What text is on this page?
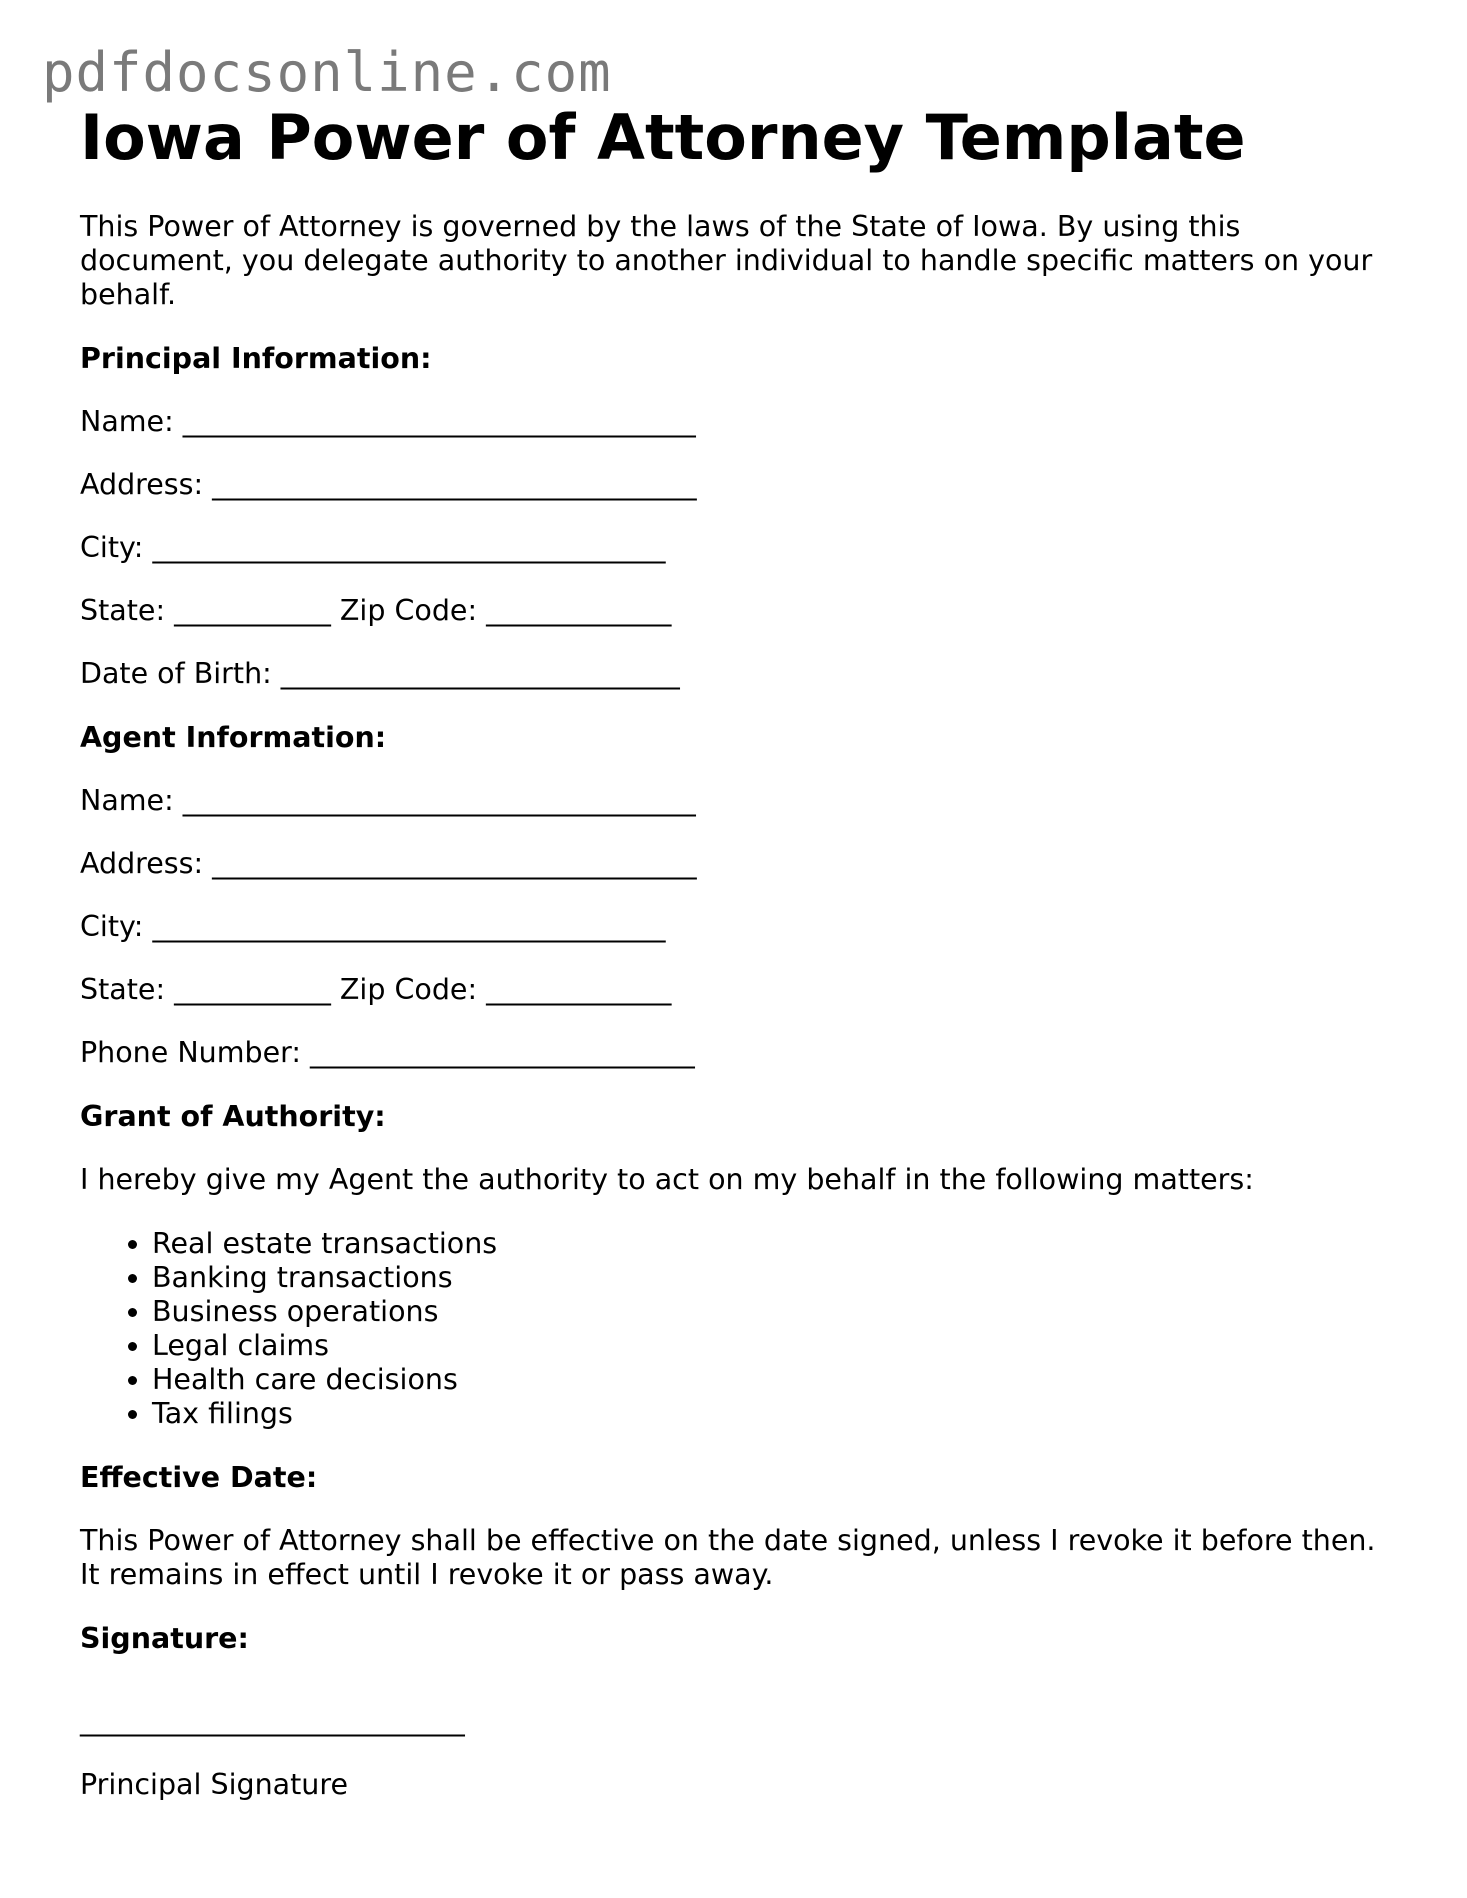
pdfdocsonline.com
Iowa Power of Attorney Template

This Power of Attorney is governed by the laws of the State of Iowa. By using this document, you delegate authority to another individual to handle specific matters on your behalf.

Principal Information:
Name: ____________________________________
Address: __________________________________
City: ____________________________________
State: ___________ Zip Code: _____________
Date of Birth: ____________________________
Agent Information:
Name: ____________________________________
Address: __________________________________
City: ____________________________________
State: ___________ Zip Code: _____________
Phone Number: ___________________________
Grant of Authority:

I hereby give my Agent the authority to act on my behalf in the following matters:

• Real estate transactions
• Banking transactions
• Business operations
• Legal claims
• Health care decisions
• Tax filings
Effective Date:

This Power of Attorney shall be effective on the date signed, unless I revoke it before then. It remains in effect until I revoke it or pass away.

Signature:
___________________________
Principal Signature
